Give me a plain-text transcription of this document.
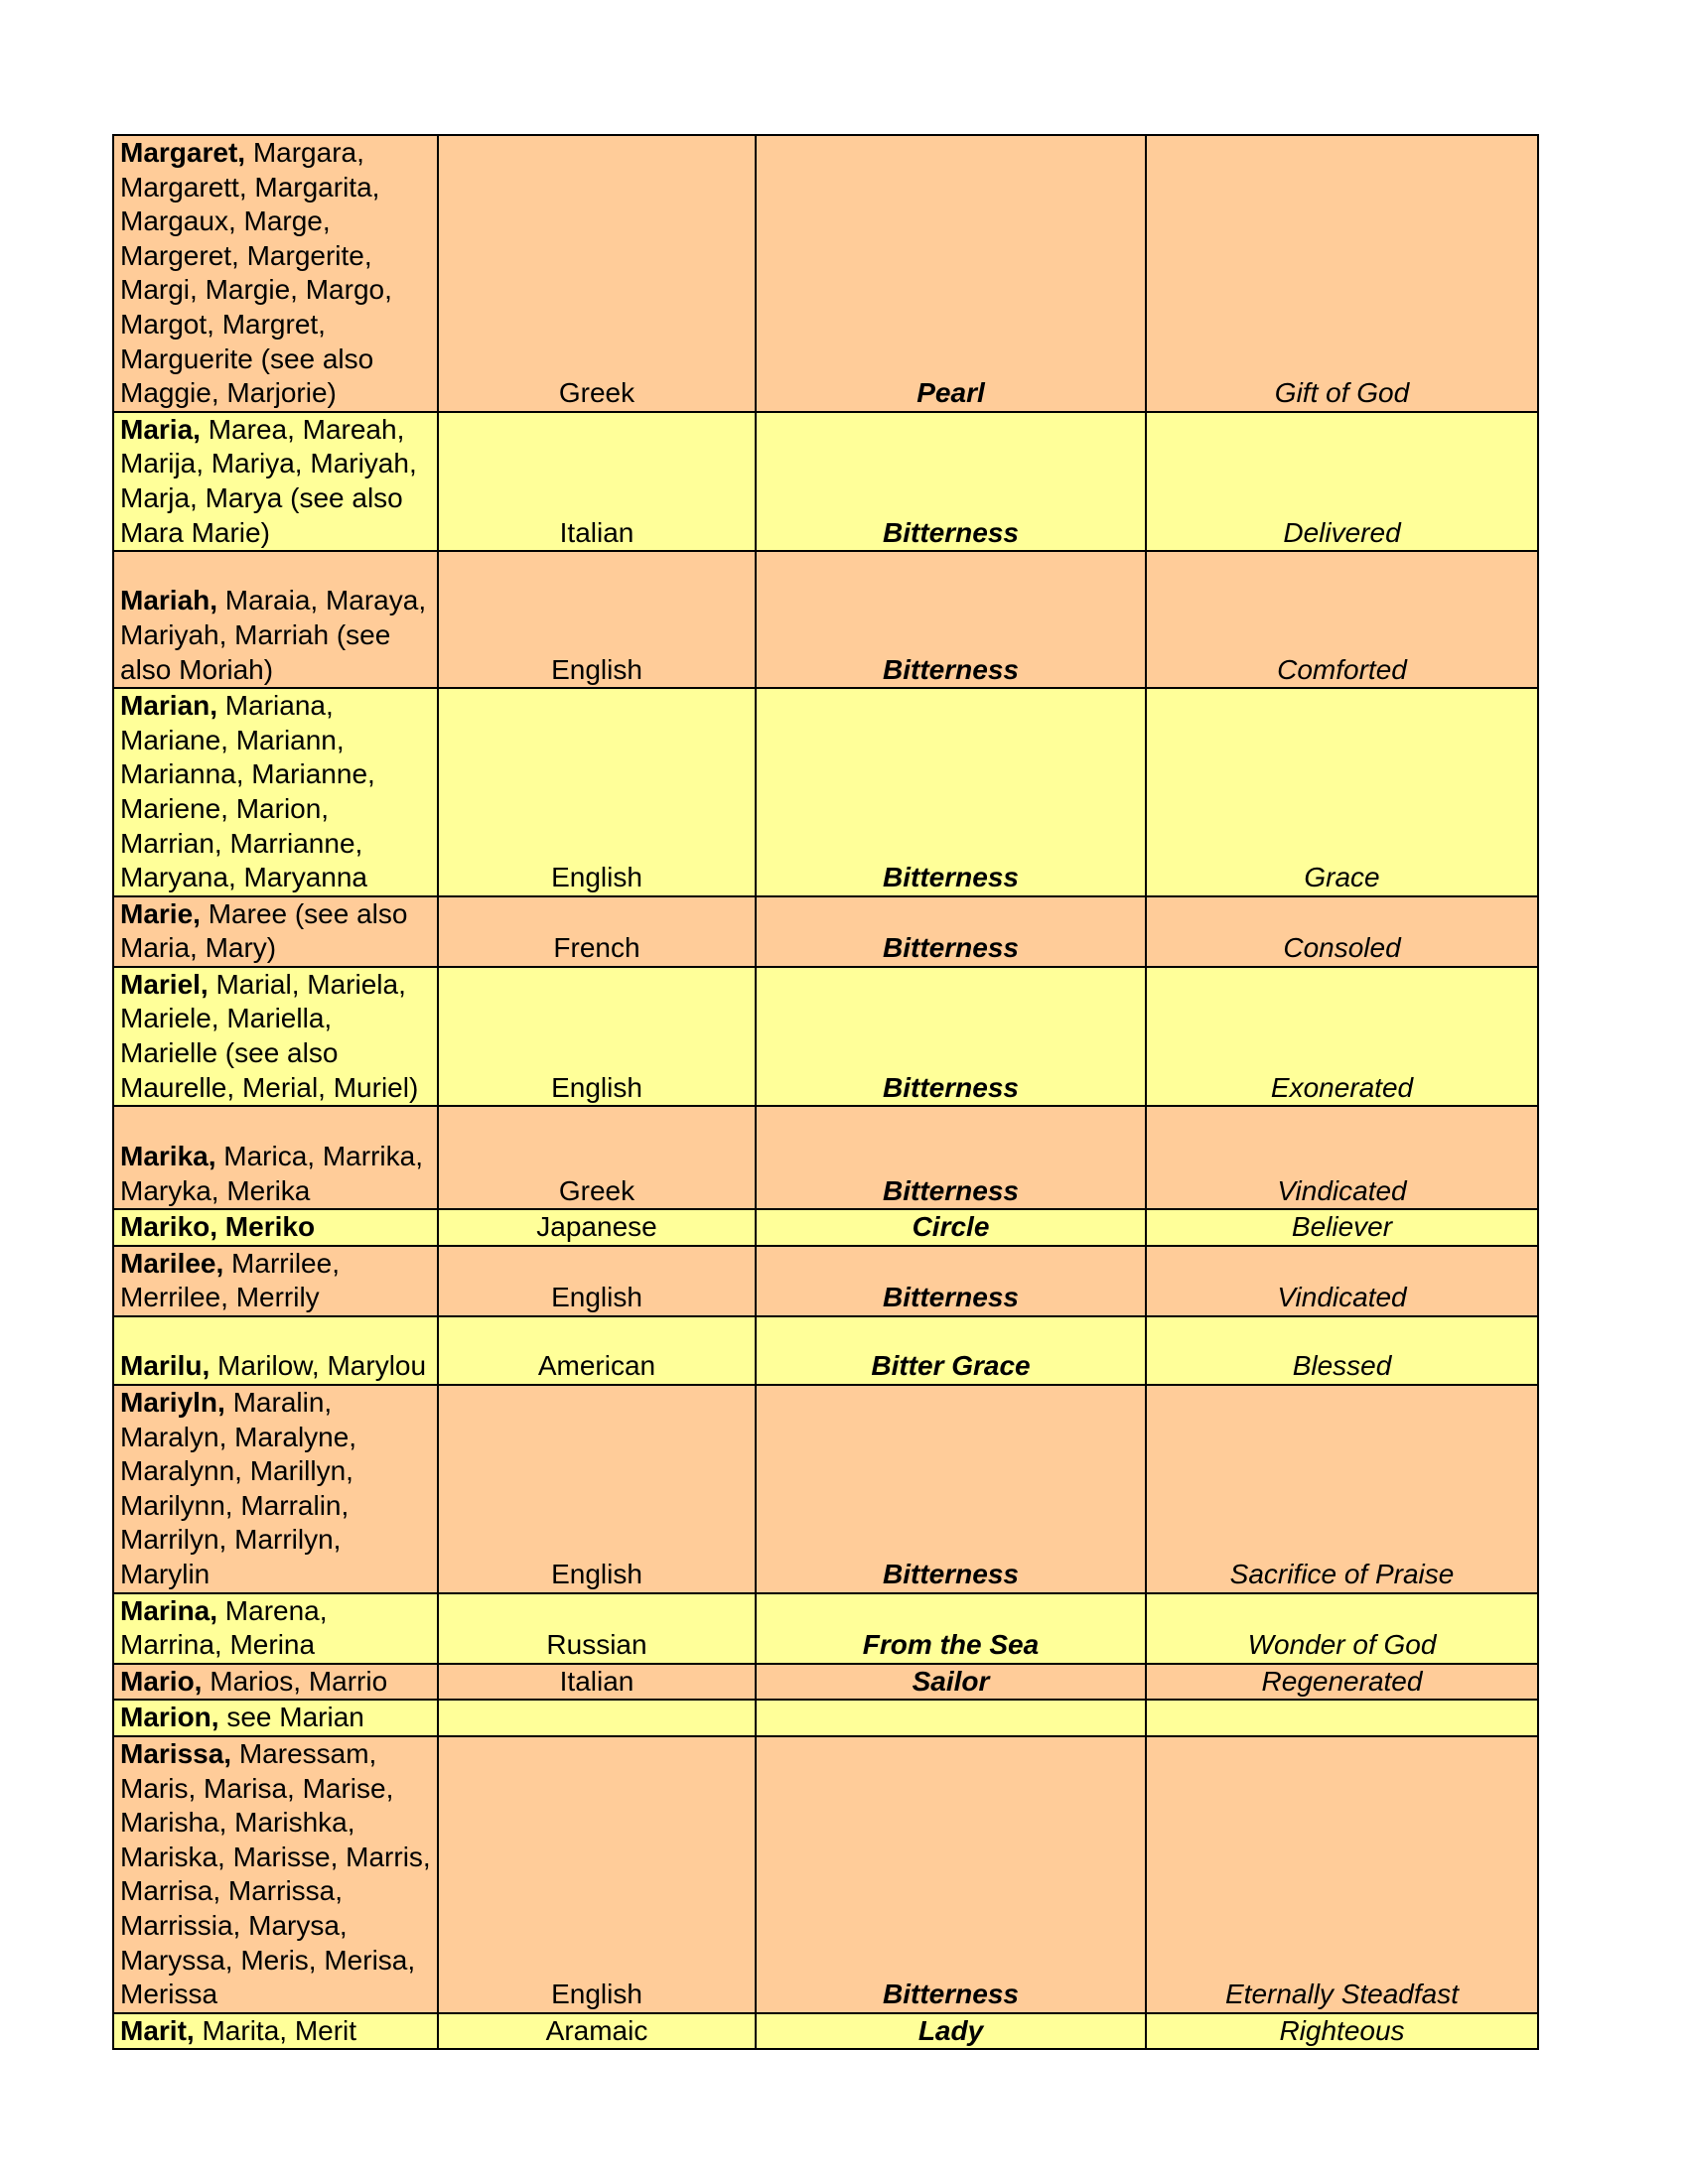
Margaret, Margara, Margarett, Margarita, Margaux, Marge, Margeret, Margerite, Margi, Margie, Margo, Margot, Margret, Marguerite (see also Maggie, Marjorie)	Greek	Pearl	Gift of God
Maria, Marea, Mareah, Marija, Mariya, Mariyah, Marja, Marya (see also Mara Marie)	Italian	Bitterness	Delivered
Mariah, Maraia, Maraya, Mariyah, Marriah (see also Moriah)	English	Bitterness	Comforted
Marian, Mariana, Mariane, Mariann, Marianna, Marianne, Mariene, Marion, Marrian, Marrianne, Maryana, Maryanna	English	Bitterness	Grace
Marie, Maree (see also Maria, Mary)	French	Bitterness	Consoled
Mariel, Marial, Mariela, Mariele, Mariella, Marielle (see also Maurelle, Merial, Muriel)	English	Bitterness	Exonerated
Marika, Marica, Marrika, Maryka, Merika	Greek	Bitterness	Vindicated
Mariko, Meriko	Japanese	Circle	Believer
Marilee, Marrilee, Merrilee, Merrily	English	Bitterness	Vindicated
Marilu, Marilow, Marylou	American	Bitter Grace	Blessed
Mariyln, Maralin, Maralyn, Maralyne, Maralynn, Marillyn, Marilynn, Marralin, Marrilyn, Marrilyn, Marylin	English	Bitterness	Sacrifice of Praise
Marina, Marena, Marrina, Merina	Russian	From the Sea	Wonder of God
Mario, Marios, Marrio	Italian	Sailor	Regenerated
Marion, see Marian			
Marissa, Maressam, Maris, Marisa, Marise, Marisha, Marishka, Mariska, Marisse, Marris, Marrisa, Marrissa, Marrissia, Marysa, Maryssa, Meris, Merisa, Merissa	English	Bitterness	Eternally Steadfast
Marit, Marita, Merit	Aramaic	Lady	Righteous
